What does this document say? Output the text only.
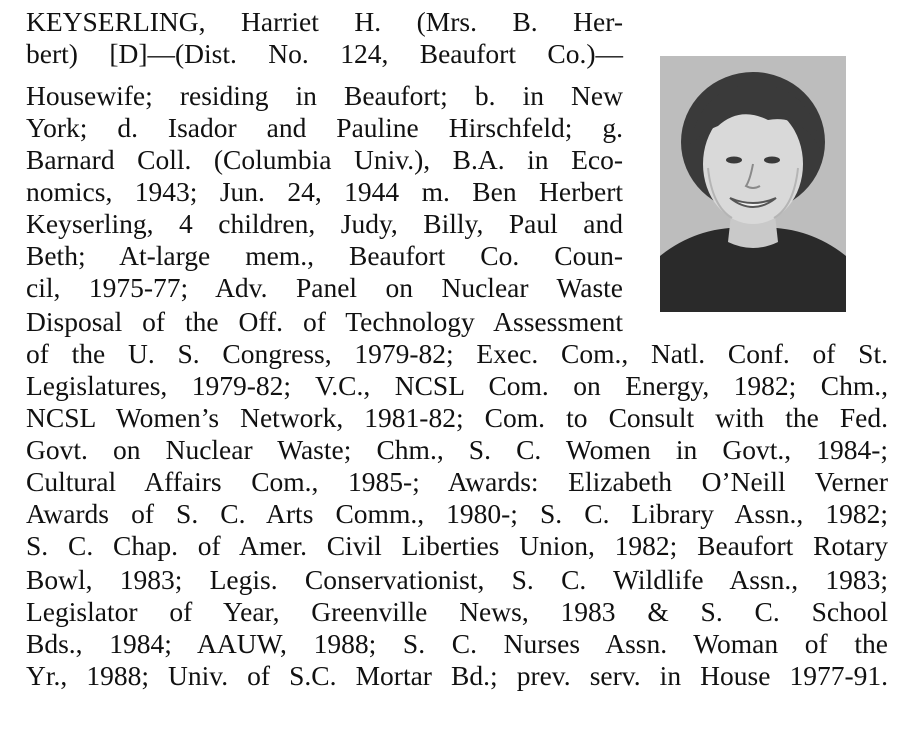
KEYSERLING, Harriet H. (Mrs. B. Her-
bert) [D]—(Dist. No. 124, Beaufort Co.)—
Housewife; residing in Beaufort; b. in New
York; d. Isador and Pauline Hirschfeld; g.
Barnard Coll. (Columbia Univ.), B.A. in Eco-
nomics, 1943; Jun. 24, 1944 m. Ben Herbert
Keyserling, 4 children, Judy, Billy, Paul and
Beth; At-large mem., Beaufort Co. Coun-
cil, 1975-77; Adv. Panel on Nuclear Waste
Disposal of the Off. of Technology Assessment
of the U. S. Congress, 1979-82; Exec. Com., Natl. Conf. of St.
Legislatures, 1979-82; V.C., NCSL Com. on Energy, 1982; Chm.,
NCSL Women’s Network, 1981-82; Com. to Consult with the Fed.
Govt. on Nuclear Waste; Chm., S. C. Women in Govt., 1984-;
Cultural Affairs Com., 1985-; Awards: Elizabeth O’Neill Verner
Awards of S. C. Arts Comm., 1980-; S. C. Library Assn., 1982;
S. C. Chap. of Amer. Civil Liberties Union, 1982; Beaufort Rotary
Bowl, 1983; Legis. Conservationist, S. C. Wildlife Assn., 1983;
Legislator of Year, Greenville News, 1983 & S. C. School
Bds., 1984; AAUW, 1988; S. C. Nurses Assn. Woman of the
Yr., 1988; Univ. of S.C. Mortar Bd.; prev. serv. in House 1977-91.
